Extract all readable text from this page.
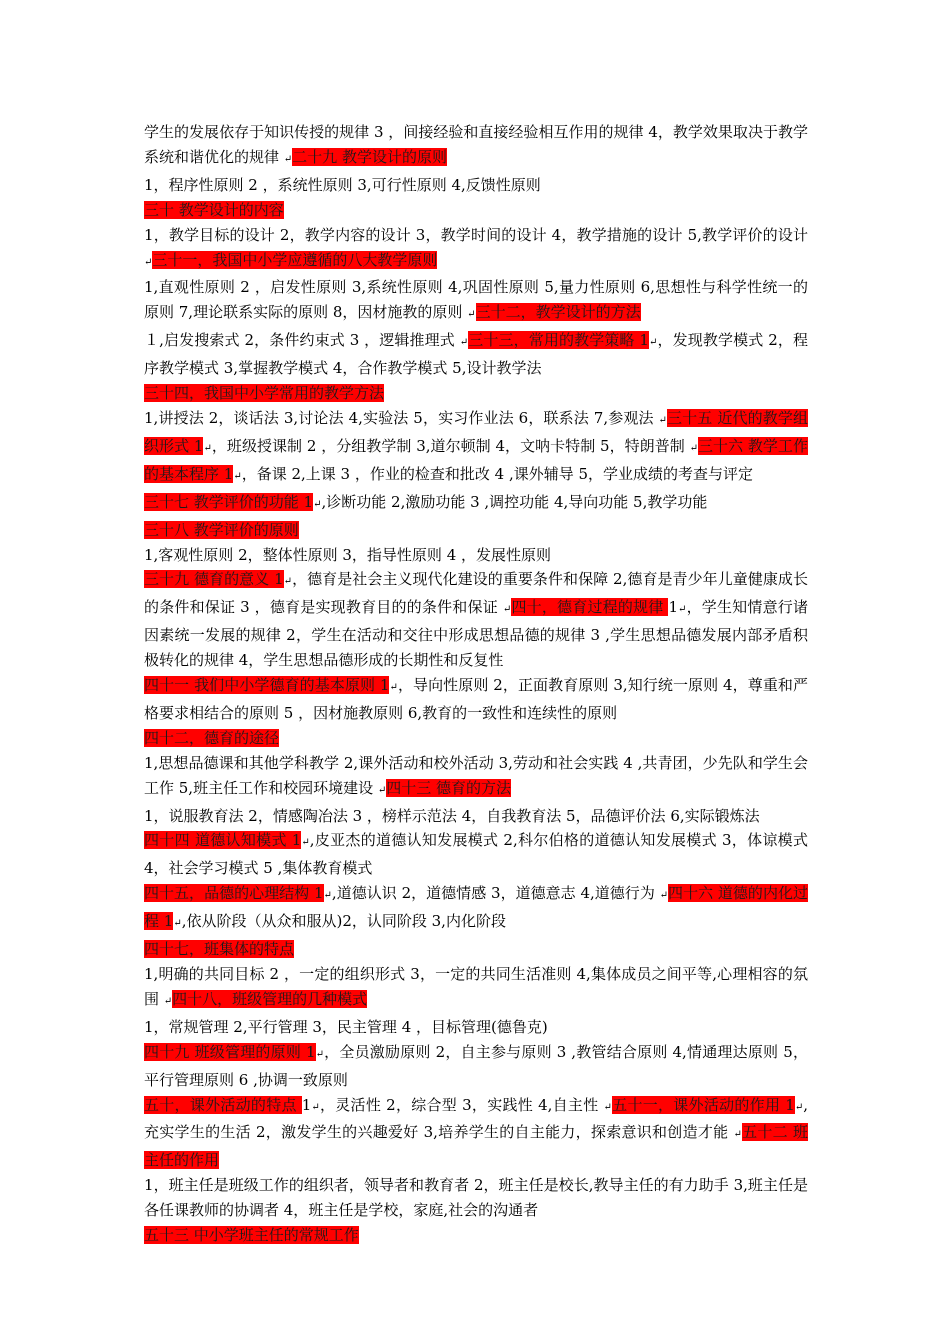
学生的发展依存于知识传授的规律 3 ，间接经验和直接经验相互作用的规律 4，教学效果取决于教学系统和谐优化的规律 ↵二十九 教学设计的原则

1，程序性原则 2 ，系统性原则 3,可行性原则 4,反馈性原则

三十 教学设计的内容

1，教学目标的设计 2，教学内容的设计 3，教学时间的设计 4，教学措施的设计 5,教学评价的设计 ↵三十一，我国中小学应遵循的八大教学原则

1,直观性原则 2 ，启发性原则 3,系统性原则 4,巩固性原则 5,量力性原则 6,思想性与科学性统一的原则 7,理论联系实际的原则 8，因材施教的原则 ↵三十二，教学设计的方法

１,启发搜索式 2，条件约束式 3 ，逻辑推理式 ↵三十三，常用的教学策略 1↵，发现教学模式 2，程序教学模式 3,掌握教学模式 4，合作教学模式 5,设计教学法

三十四，我国中小学常用的教学方法

1,讲授法 2，谈话法 3,讨论法 4,实验法 5，实习作业法 6，联系法 7,参观法 ↵三十五 近代的教学组织形式 1↵，班级授课制 2 ，分组教学制 3,道尔顿制 4，文呐卡特制 5，特朗普制 ↵三十六 教学工作的基本程序 1↵，备课 2,上课 3 ，作业的检查和批改 4 ,课外辅导 5，学业成绩的考查与评定

三十七 教学评价的功能 1↵,诊断功能 2,激励功能 3 ,调控功能 4,导向功能 5,教学功能

三十八 教学评价的原则

1,客观性原则 2，整体性原则 3，指导性原则 4 ，发展性原则

三十九 德育的意义 1↵，德育是社会主义现代化建设的重要条件和保障 2,德育是青少年儿童健康成长的条件和保证 3 ，德育是实现教育目的的条件和保证 ↵四十，德育过程的规律 1↵，学生知情意行诸因素统一发展的规律 2，学生在活动和交往中形成思想品德的规律 3 ,学生思想品德发展内部矛盾积极转化的规律 4，学生思想品德形成的长期性和反复性

四十一 我们中小学德育的基本原则 1↵，导向性原则 2，正面教育原则 3,知行统一原则 4，尊重和严格要求相结合的原则 5 ，因材施教原则 6,教育的一致性和连续性的原则

四十二，德育的途径

1,思想品德课和其他学科教学 2,课外活动和校外活动 3,劳动和社会实践 4 ,共青团，少先队和学生会工作 5,班主任工作和校园环境建设 ↵四十三 德育的方法

1，说服教育法 2，情感陶冶法 3 ，榜样示范法 4，自我教育法 5，品德评价法 6,实际锻炼法

四十四 道德认知模式 1↵,皮亚杰的道德认知发展模式 2,科尔伯格的道德认知发展模式 3，体谅模式 4，社会学习模式 5 ,集体教育模式

四十五，品德的心理结构 1↵,道德认识 2，道德情感 3，道德意志 4,道德行为 ↵四十六 道德的内化过程 1↵,依从阶段（从众和服从)2，认同阶段 3,内化阶段

四十七，班集体的特点

1,明确的共同目标 2 ，一定的组织形式 3，一定的共同生活准则 4,集体成员之间平等,心理相容的氛围 ↵四十八，班级管理的几种模式

1，常规管理 2,平行管理 3，民主管理 4 ，目标管理(德鲁克)

四十九 班级管理的原则 1↵，全员激励原则 2，自主参与原则 3 ,教管结合原则 4,情通理达原则 5，平行管理原则 6 ,协调一致原则

五十，课外活动的特点 1↵，灵活性 2，综合型 3，实践性 4,自主性 ↵五十一，课外活动的作用 1↵,充实学生的生活 2，激发学生的兴趣爱好 3,培养学生的自主能力，探索意识和创造才能 ↵五十二 班主任的作用

1，班主任是班级工作的组织者，领导者和教育者 2，班主任是校长,教导主任的有力助手 3,班主任是各任课教师的协调者 4，班主任是学校，家庭,社会的沟通者

五十三 中小学班主任的常规工作
